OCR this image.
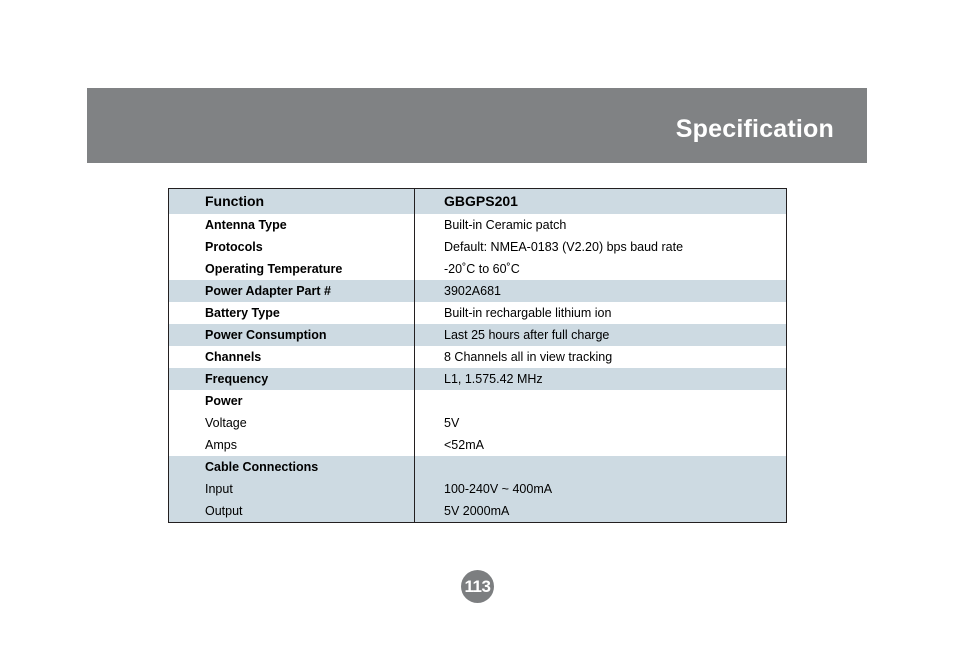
Specification
Function	GBGPS201
Antenna Type	Built-in Ceramic patch
Protocols	Default: NMEA-0183 (V2.20) bps baud rate
Operating Temperature	-20˚C to 60˚C
Power Adapter Part #	3902A681
Battery Type	Built-in rechargable lithium ion
Power Consumption	Last 25 hours after full charge
Channels	8 Channels all in view tracking
Frequency	L1, 1.575.42 MHz
Power	
Voltage	5V
Amps	<52mA
Cable Connections	
Input	100-240V ~ 400mA
Output	5V 2000mA
113
